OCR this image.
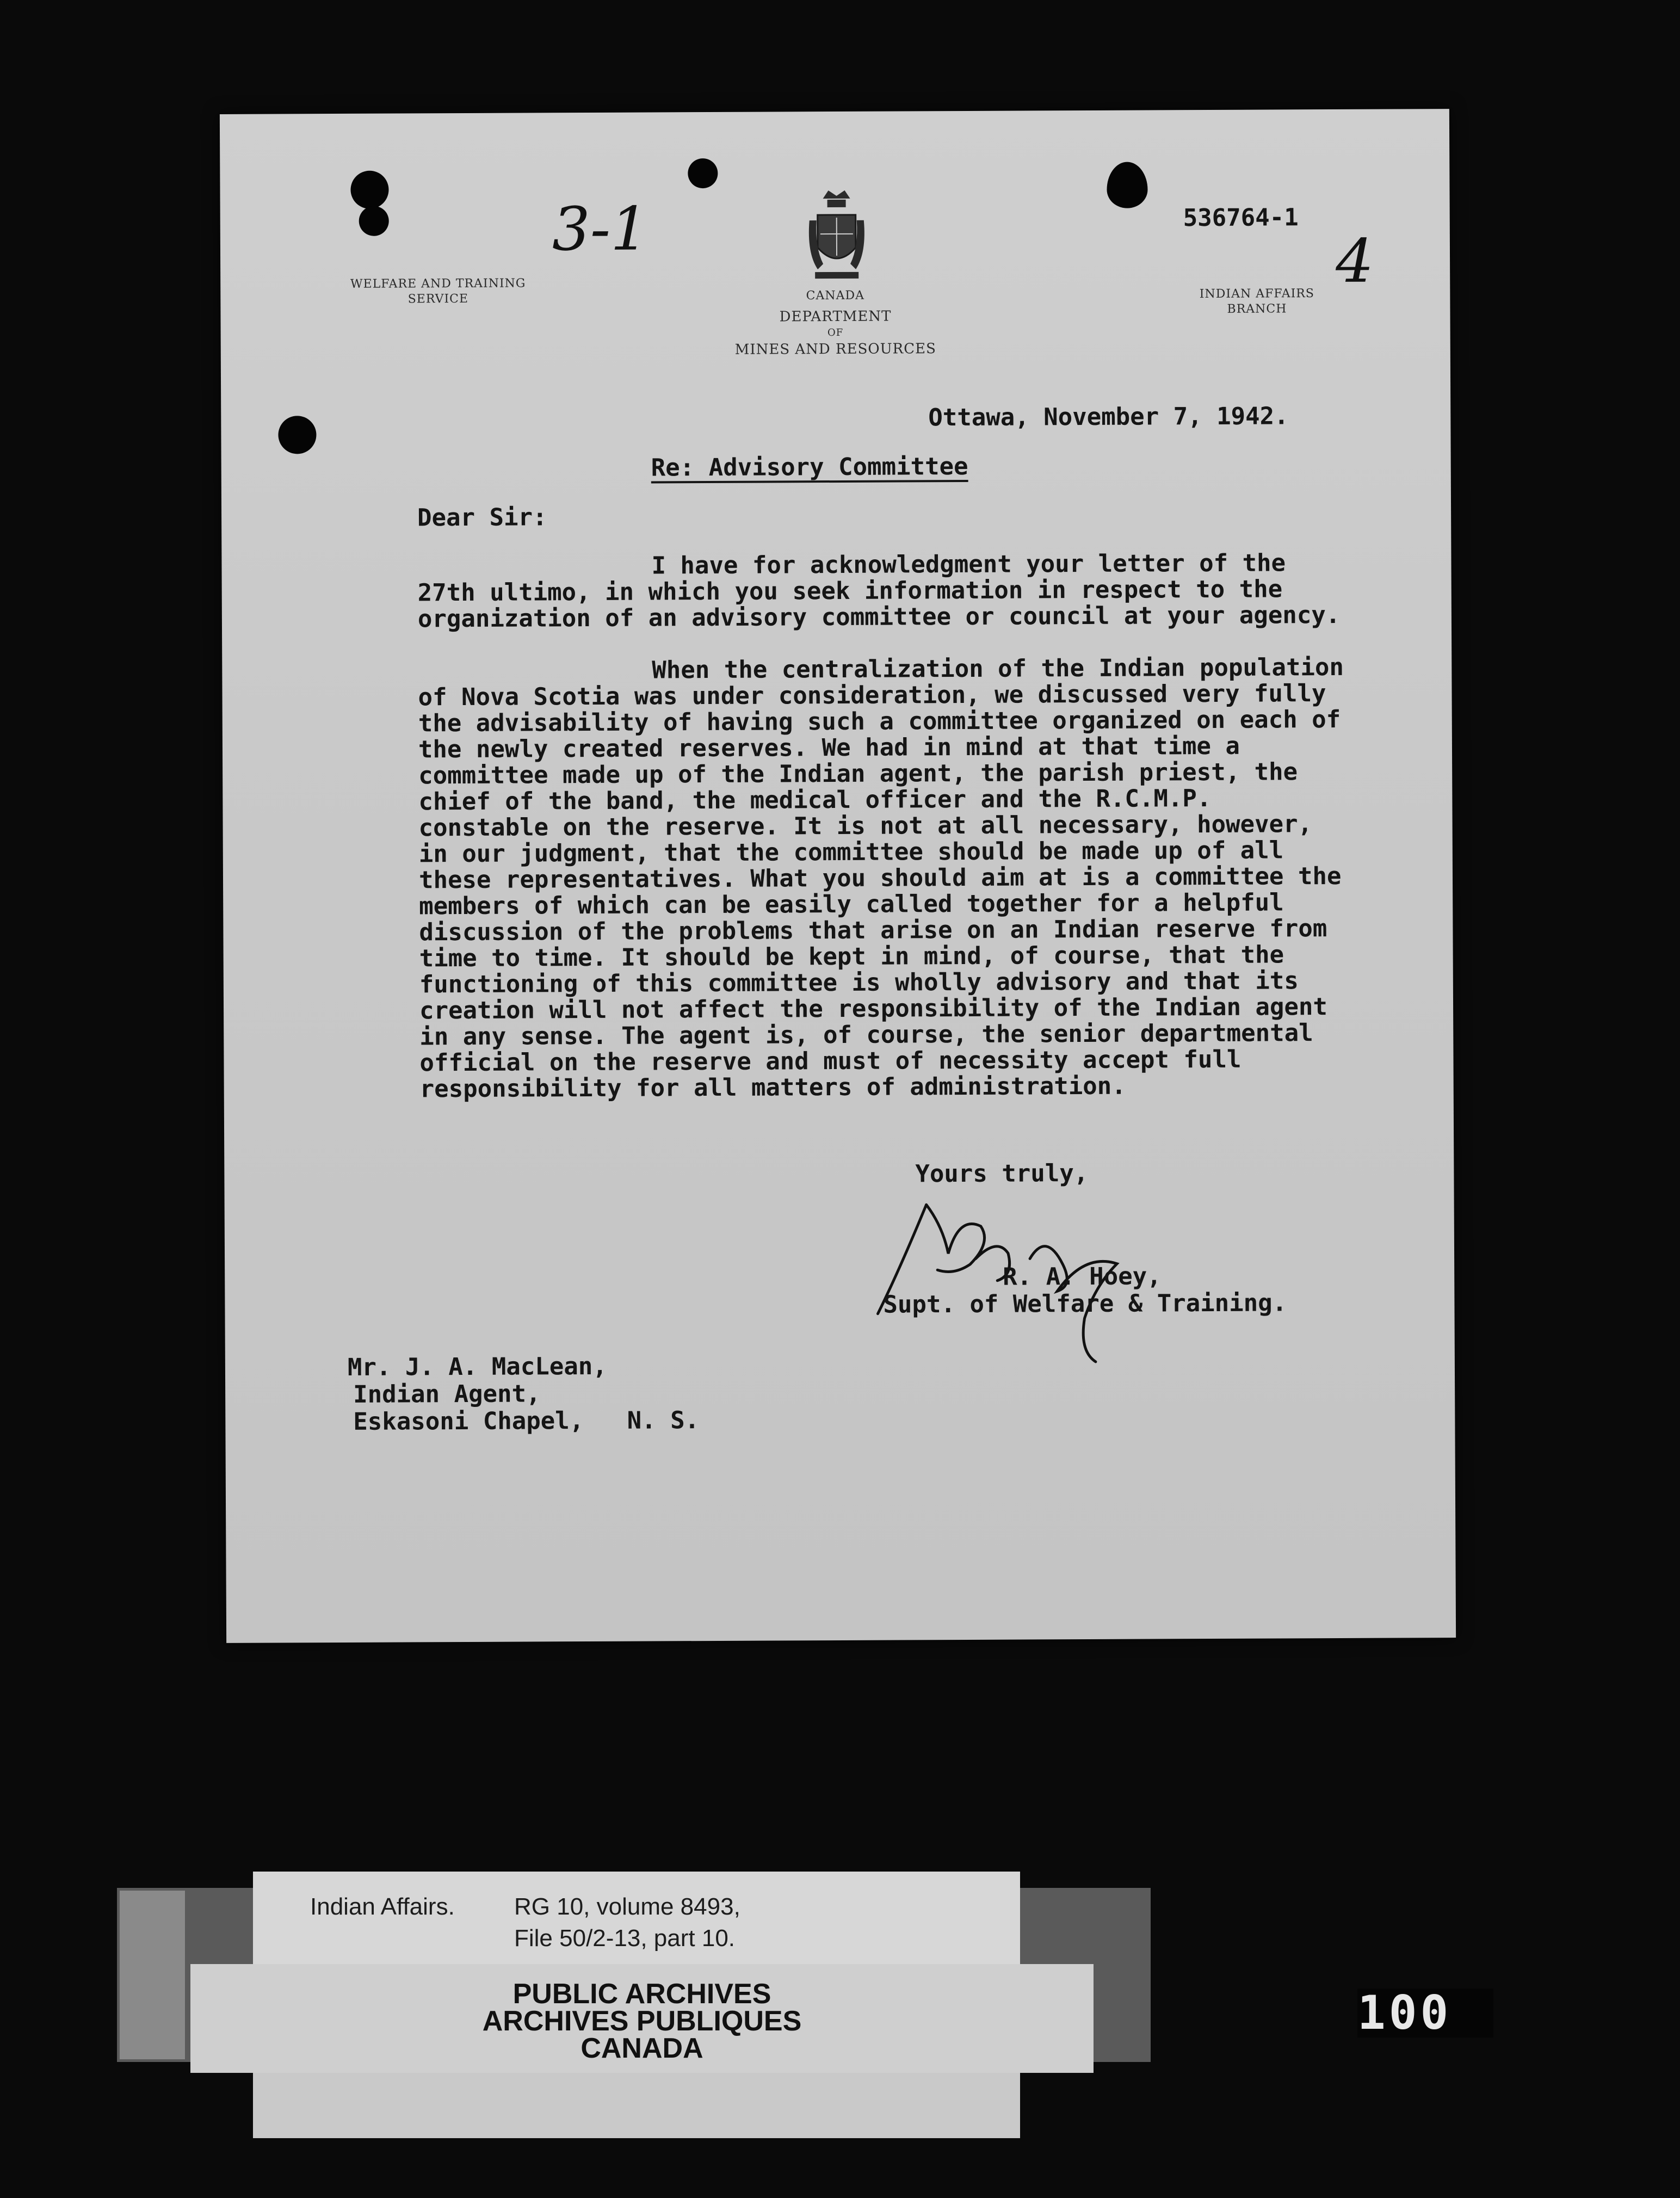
3-1	4
536764-1
WELFARE AND TRAINING
SERVICE	INDIAN AFFAIRS
BRANCH
CANADA
DEPARTMENT
OF
MINES AND RESOURCES
Ottawa, November 7, 1942.
Re: Advisory Committee
Dear Sir:

I have for acknowledgment your letter of the 27th ultimo, in which you seek information in respect to the organization of an advisory committee or council at your agency.

When the centralization of the Indian population of Nova Scotia was under consideration, we discussed very fully the advisability of having such a committee organized on each of the newly created reserves. We had in mind at that time a committee made up of the Indian agent, the parish priest, the chief of the band, the medical officer and the R.C.M.P. constable on the reserve. It is not at all necessary, however, in our judgment, that the committee should be made up of all these representatives. What you should aim at is a committee the members of which can be easily called together for a helpful discussion of the problems that arise on an Indian reserve from time to time. It should be kept in mind, of course, that the functioning of this committee is wholly advisory and that its creation will not affect the responsibility of the Indian agent in any sense. The agent is, of course, the senior departmental official on the reserve and must of necessity accept full responsibility for all matters of administration.

Yours truly,
R. A. Hoey,
Supt. of Welfare & Training.
Mr. J. A. MacLean,
Indian Agent,
Eskasoni Chapel,   N. S.
Indian Affairs. RG 10, volume 8493,
File 50/2-13, part 10.
PUBLIC ARCHIVES
ARCHIVES PUBLIQUES
CANADA
100
